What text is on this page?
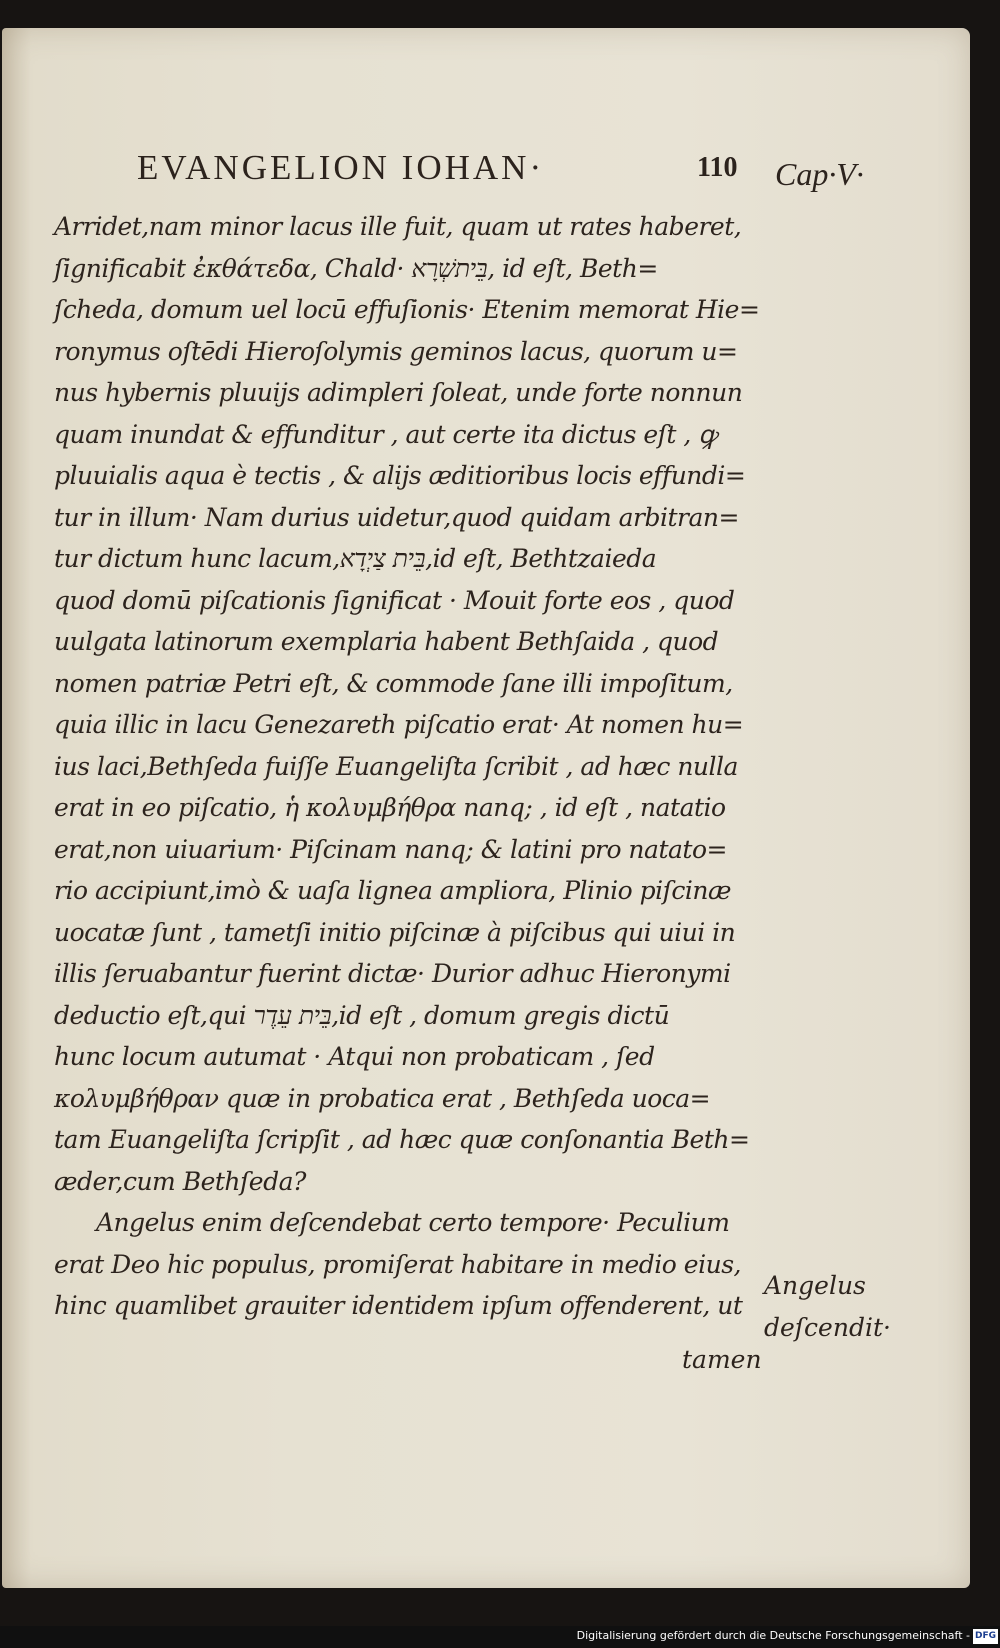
EVANGELION IOHAN·	110 Cap·V·
Arridet,nam minor lacus ille fuit, quam ut rates haberet,
ſignificabit ἐκθάτεδα, Chald· בֵּיתשְׁרָא, id eſt, Beth=
ſcheda, domum uel locū effuſionis· Etenim memorat Hie=
ronymus oſtēdi Hieroſolymis geminos lacus, quorum u=
nus hybernis pluuijs adimpleri ſoleat, unde forte nonnun
quam inundat & effunditur , aut certe ita dictus eſt , ꝙ
pluuialis aqua è tectis , & alijs æditioribus locis effundi=
tur in illum· Nam durius uidetur,quod quidam arbitran=
tur dictum hunc lacum,בֵּית צַיְדָא,id eſt, Bethtzaieda
quod domū piſcationis ſignificat · Mouit forte eos , quod
uulgata latinorum exemplaria habent Bethſaida , quod
nomen patriæ Petri eſt, & commode ſane illi impoſitum,
quia illic in lacu Genezareth piſcatio erat· At nomen hu=
ius laci,Bethſeda fuiſſe Euangeliſta ſcribit , ad hæc nulla
erat in eo piſcatio, ἡ κολυμβήθρα nanq; , id eſt , natatio
erat,non uiuarium· Piſcinam nanq; & latini pro natato=
rio accipiunt,imò & uaſa lignea ampliora, Plinio piſcinæ
uocatæ ſunt , tametſi initio piſcinæ à piſcibus qui uiui in
illis ſeruabantur fuerint dictæ· Durior adhuc Hieronymi
deductio eſt,qui בֵּית עֵדֶר,id eſt , domum gregis dictū
hunc locum autumat · Atqui non probaticam , ſed
κολυμβήθραν quæ in probatica erat , Bethſeda uoca=
tam Euangeliſta ſcripſit , ad hæc quæ conſonantia Beth=
æder,cum Bethſeda?
Angelus enim deſcendebat certo tempore· Peculium
erat Deo hic populus, promiſerat habitare in medio eius,
hinc quamlibet grauiter identidem ipſum offenderent, ut
Angelus
deſcendit·
tamen
Digitalisierung gefördert durch die Deutsche Forschungsgemeinschaft - DFG
